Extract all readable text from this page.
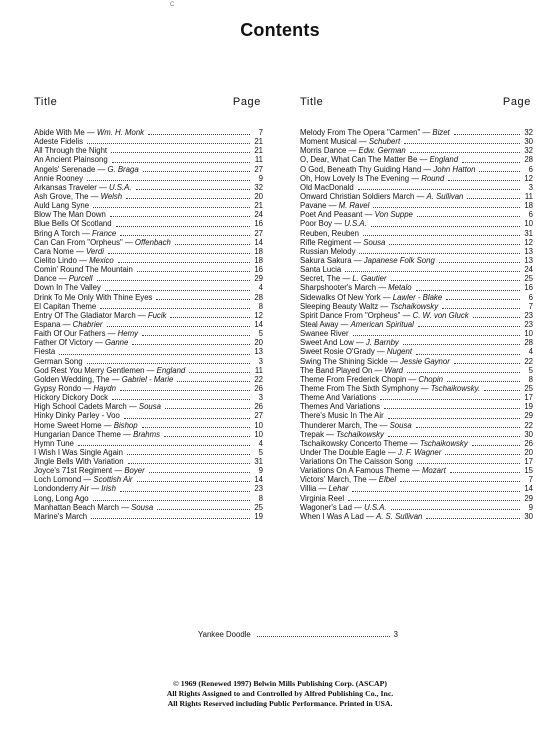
C
Contents
Title	Page
Abide With Me — Wm. H. Monk	7
Adeste Fidelis	21
All Through the Night	21
An Ancient Plainsong	11
Angels' Serenade — G. Braga	27
Annie Rooney	9
Arkansas Traveler — U.S.A.	32
Ash Grove, The — Welsh	20
Auld Lang Syne	21
Blow The Man Down	24
Blue Bells Of Scotland	16
Bring A Torch — France	27
Can Can From "Orpheus" — Offenbach	14
Cara Nome — Verdi	18
Cielito Lindo — Mexico	18
Comin' Round The Mountain	16
Dance — Purcell	29
Down In The Valley	4
Drink To Me Only With Thine Eyes	28
El Capitan Theme	8
Entry Of The Gladiator March — Fucik	12
Espana — Chabrier	14
Faith Of Our Fathers — Hemy	5
Father Of Victory — Ganne	20
Fiesta	13
German Song	3
God Rest You Merry Gentlemen — England	11
Golden Wedding, The — Gabriel - Marie	22
Gypsy Rondo — Haydn	26
Hickory Dickory Dock	3
High School Cadets March — Sousa	26
Hinky Dinky Parley - Voo	27
Home Sweet Home — Bishop	10
Hungarian Dance Theme — Brahms	10
Hymn Tune	4
I Wish I Was Single Again	5
Jingle Bells With Variation	31
Joyce's 71st Regiment — Boyer	9
Loch Lomond — Scottish Air	14
Londonderry Air — Irish	23
Long, Long Ago	8
Manhattan Beach March — Sousa	25
Marine's March	19
Title	Page
Melody From The Opera "Carmen" — Bizet	32
Moment Musical — Schubert	30
Morris Dance — Edw. German	32
O, Dear, What Can The Matter Be — England	28
O God, Beneath Thy Guiding Hand — John Hatton	6
Oh, How Lovely Is The Evening — Round	12
Old MacDonald	3
Onward Christian Soldiers March — A. Sullivan	11
Pavane — M. Ravel	18
Poet And Peasant — Von Suppe	6
Poor Boy — U.S.A.	10
Reuben, Reuben	31
Rifle Regiment — Sousa	12
Russian Melody	13
Sakura Sakura — Japanese Folk Song	13
Santa Lucia	24
Secret, The — L. Gautier	25
Sharpshooter's March — Metalo	16
Sidewalks Of New York — Lawler - Blake	6
Sleeping Beauty Waltz — Tschaikowsky	7
Spirit Dance From "Orpheus" — C. W. von Gluck	23
Steal Away — American Spiritual	23
Swanee River	10
Sweet And Low — J. Barnby	28
Sweet Rosie O'Grady — Nugent	4
Swing The Shining Sickle — Jessie Gaynor	22
The Band Played On — Ward	5
Theme From Frederick Chopin — Chopin	8
Theme From The Sixth Symphony — Tschaikowsky.	25
Theme And Variations	17
Themes And Variations	19
There's Music In The Air	29
Thunderer March, The — Sousa	22
Trepak — Tschaikowsky	30
Tschaikowsky Concerto Theme — Tschaikowsky	26
Under The Double Eagle — J. F. Wagner	20
Variations On The Caisson Song	17
Variations On A Famous Theme — Mozart	15
Victors' March, The — Elbel	7
Villia — Lehar	14
Virginia Reel	29
Wagoner's Lad — U.S.A.	9
When I Was A Lad — A. S. Sullivan	30
Yankee Doodle	3
© 1969 (Renewed 1997) Belwin Mills Publishing Corp. (ASCAP)
All Rights Assigned to and Controlled by Alfred Publishing Co., Inc.
All Rights Reserved including Public Performance. Printed in USA.
